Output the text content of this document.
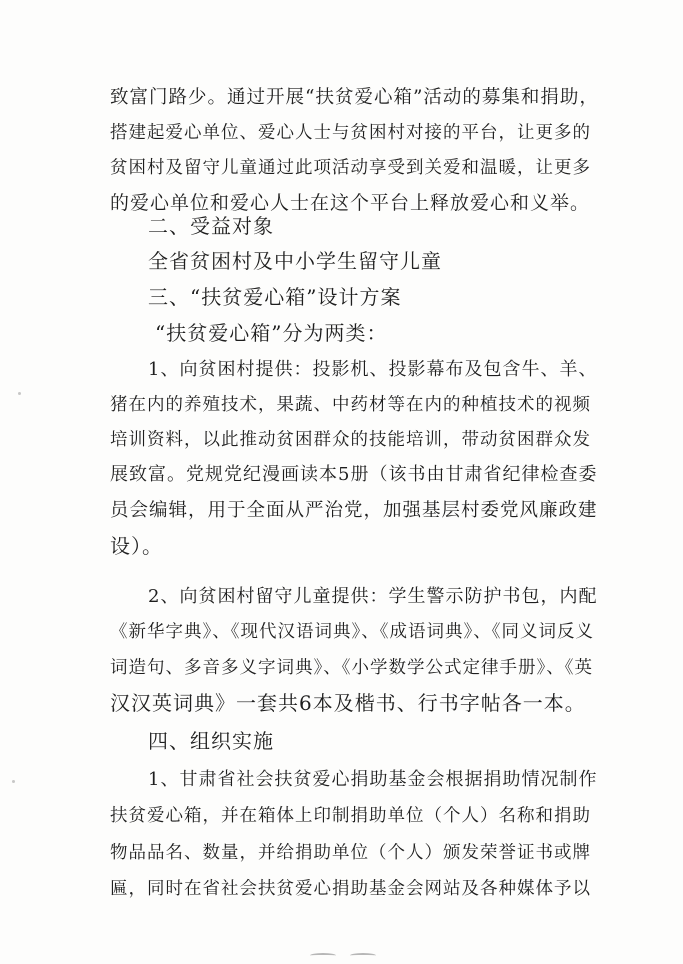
致富门路少。通过开展“扶贫爱心箱”活动的募集和捐助，
搭建起爱心单位、爱心人士与贫困村对接的平台，让更多的
贫困村及留守儿童通过此项活动享受到关爱和温暖，让更多
的爱心单位和爱心人士在这个平台上释放爱心和义举。
二、受益对象
全省贫困村及中小学生留守儿童
三、“扶贫爱心箱”设计方案
“扶贫爱心箱”分为两类：
1、向贫困村提供：投影机、投影幕布及包含牛、羊、
猪在内的养殖技术，果蔬、中药材等在内的种植技术的视频
培训资料，以此推动贫困群众的技能培训，带动贫困群众发
展致富。党规党纪漫画读本5册（该书由甘肃省纪律检查委
员会编辑，用于全面从严治党，加强基层村委党风廉政建
设）。
2、向贫困村留守儿童提供：学生警示防护书包，内配
《新华字典》、《现代汉语词典》、《成语词典》、《同义词反义
词造句、多音多义字词典》、《小学数学公式定律手册》、《英
汉汉英词典》一套共6本及楷书、行书字帖各一本。
四、组织实施
1、甘肃省社会扶贫爱心捐助基金会根据捐助情况制作
扶贫爱心箱，并在箱体上印制捐助单位（个人）名称和捐助
物品品名、数量，并给捐助单位（个人）颁发荣誉证书或牌
匾，同时在省社会扶贫爱心捐助基金会网站及各种媒体予以
